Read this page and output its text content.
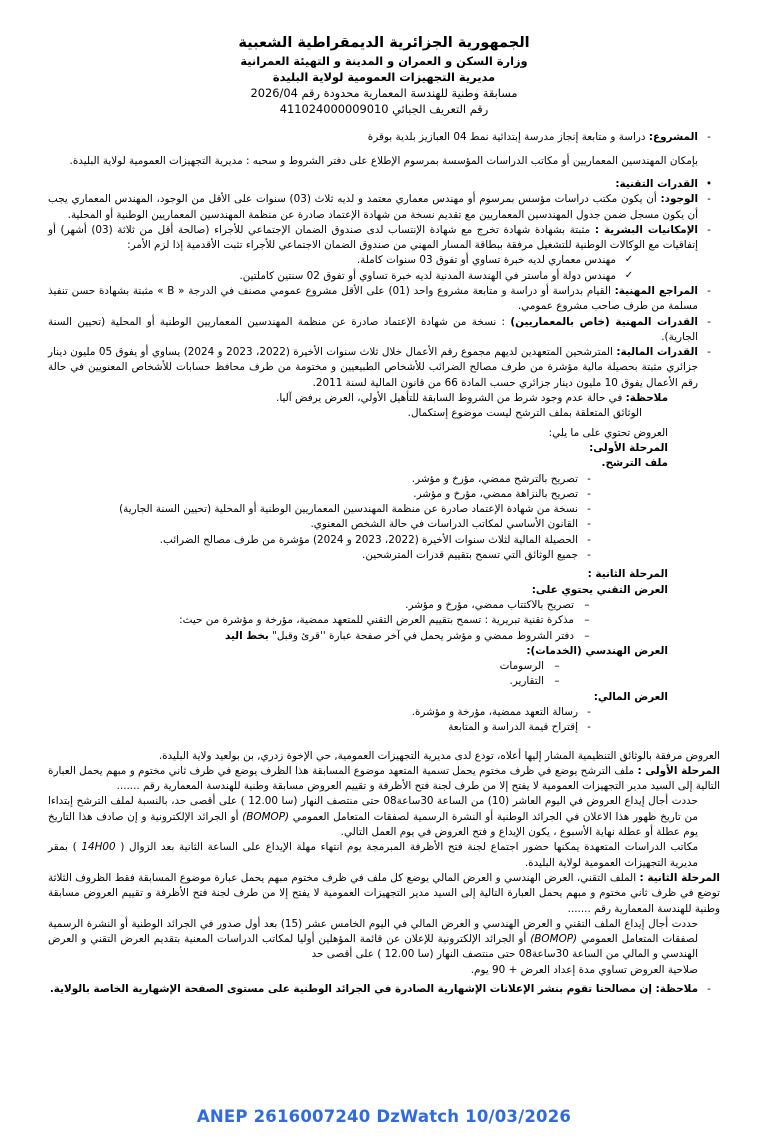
الجمهورية الجزائرية الديمقراطية الشعبية
وزارة السكن و العمران و المدينة و التهيئة العمرانية
مديرية التجهيزات العمومية لولاية البليدة
مسابقة وطنية للهندسة المعمارية محدودة رقم 2026/04
رقم التعريف الجبائي 411024000009010
-
المشروع: دراسة و متابعة إنجاز مدرسة إبتدائية نمط 04 العبازيز بلدية بوقرة

بإمكان المهندسين المعماريين أو مكاتب الدراسات المؤسسة بمرسوم الإطلاع على دفتر الشروط و سحبه : مديرية التجهيزات العمومية لولاية البليدة.

•
القدرات التقنية:
-
الوجود: أن يكون مكتب دراسات مؤسس بمرسوم أو مهندس معماري معتمد و لديه ثلاث (03) سنوات على الأقل من الوجود، المهندس المعماري يجب أن يكون مسجل ضمن جدول المهندسين المعماريين مع تقديم نسخة من شهادة الإعتماد صادرة عن منظمة المهندسين المعماريين الوطنية أو المحلية.
-
الإمكانيات البشرية : مثبتة بشهادة شهادة تخرج مع شهادة الإنتساب لدى صندوق الضمان الإجتماعي للأجراء (صالحة أقل من ثلاثة (03) أشهر) أو إتفاقيات مع الوكالات الوطنية للتشغيل مرفقة ببطاقة المسار المهني من صندوق الضمان الاجتماعي للأجراء تثبت الأقدمية إذا لزم الأمر:
✓
مهندس معماري لديه خبرة تساوي أو تفوق 03 سنوات كاملة.
✓
مهندس دولة أو ماستر في الهندسة المدنية لديه خبرة تساوي أو تفوق 02 سنتين كاملتين.
-
المراجع المهنية: القيام بدراسة أو دراسة و متابعة مشروع واحد (01) على الأقل مشروع عمومي مصنف في الدرجة « B » مثبتة بشهادة حسن تنفيذ مسلمة من طرف صاحب مشروع عمومي.
-
القدرات المهنية (خاص بالمعماريين) : نسخة من شهادة الإعتماد صادرة عن منظمة المهندسين المعماريين الوطنية أو المحلية (تحيين السنة الجارية).
-
القدرات المالية: المترشحين المتعهدين لديهم مجموع رقم الأعمال خلال ثلاث سنوات الأخيرة (2022، 2023 و 2024) يساوي أو يفوق 05 مليون دينار جزائري مثبتة بحصيلة مالية مؤشرة من طرف مصالح الضرائب للأشخاص الطبيعيين و مختومة من طرف محافظ حسابات للأشخاص المعنويين في حالة رقم الأعمال يفوق 10 مليون دينار جزائري حسب المادة 66 من قانون المالية لسنة 2011.

ملاحظة: في حالة عدم وجود شرط من الشروط السابقة للتأهيل الأولي، العرض يرفض آليا.

الوثائق المتعلقة بملف الترشح ليست موضوع إستكمال.

العروض تحتوي على ما يلي:

المرحلة الأولى:

ملف الترشح.

-
تصريح بالترشح ممضي، مؤرخ و مؤشر.
-
تصريح بالنزاهة ممضي، مؤرخ و مؤشر.
-
نسخة من شهادة الإعتماد صادرة عن منظمة المهندسين المعماريين الوطنية أو المحلية (تحيين السنة الجارية)
-
القانون الأساسي لمكاتب الدراسات في حالة الشخص المعنوي.
-
الحصيلة المالية لثلاث سنوات الأخيرة (2022، 2023 و 2024) مؤشرة من طرف مصالح الضرائب.
-
جميع الوثائق التي تسمح بتقييم قدرات المترشحين.

المرحلة الثانية :

العرض التقني يحتوي على:

–
تصريح بالاكتتاب ممضي، مؤرخ و مؤشر.
–
مذكرة تقنية تبريرية : تسمح بتقييم العرض التقني للمتعهد ممضية، مؤرخة و مؤشرة من حيث:
–
دفتر الشروط ممضي و مؤشر يحمل في آخر صفحة عبارة ''قرئ وقبل" بخط اليد

العرض الهندسي (الخدمات):

–
الرسومات
–
التقارير.

العرض المالي:

-
رسالة التعهد ممضية، مؤرخة و مؤشرة.
-
إقتراح قيمة الدراسة و المتابعة

العروض مرفقة بالوثائق التنظيمية المشار إليها أعلاه، تودع لدى مديرية التجهيزات العمومية, حي الإخوة زدري, بن بولعيد ولاية البليدة.

المرحلة الأولى : ملف الترشح يوضع في ظرف مختوم يحمل تسمية المتعهد موضوع المسابقة هذا الظرف يوضع في ظرف ثاني مختوم و مبهم يحمل العبارة التالية إلى السيد مدير التجهيزات العمومية لا يفتح إلا من طرف لجنة فتح الأظرفة و تقييم العروض مسابقة وطنية للهندسة المعمارية رقم .......

حددت أجال إيداع العروض في اليوم العاشر (10) من الساعة 30ساعة08 حتى منتصف النهار (سا 12.00 ) على أقصى حد، بالنسبة لملف الترشح إبتداءا من تاريخ ظهور هذا الاعلان في الجرائد الوطنية أو النشرة الرسمية لصفقات المتعامل العمومي (BOMOP) أو الجرائد الإلكترونية و إن صادف هذا التاريخ يوم عطلة أو عطلة نهاية الأسبوع ، يكون الإيداع و فتح العروض في يوم العمل التالي.

مكاتب الدراسات المتعهدة يمكنها حضور اجتماع لجنة فتح الأظرفة المبرمجة يوم انتهاء مهلة الإيداع على الساعة الثانية بعد الزوال ( 14H00 ) بمقر مديرية التجهيزات العمومية لولاية البليدة.

المرحلة الثانية : الملف التقني، العرض الهندسي و العرض المالي يوضع كل ملف في ظرف مختوم مبهم يحمل عبارة موضوع المسابقة فقط الظروف الثلاثة توضع في ظرف ثاني مختوم و مبهم يحمل العبارة التالية إلى السيد مدير التجهيزات العمومية لا يفتح إلا من طرف لجنة فتح الأظرفة و تقييم العروض مسابقة وطنية للهندسة المعمارية رقم .......

حددت أجال إيداع الملف التقني و العرض الهندسي و العرض المالي في اليوم الخامس عشر (15) بعد أول صدور في الجرائد الوطنية أو النشرة الرسمية لصفقات المتعامل العمومي (BOMOP) أو الجرائد الإلكترونية للإعلان عن قائمة المؤهلين أوليا لمكاتب الدراسات المعنية بتقديم العرض التقني و العرض الهندسي و المالي من الساعة 30ساعة08 حتى منتصف النهار (سا 12.00 ) على أقصى حد

صلاحية العروض تساوي مدة إعداد العرض + 90 يوم.

-
ملاحظة: إن مصالحنا تقوم بنشر الإعلانات الإشهارية الصادرة في الجرائد الوطنية على مستوى الصفحة الإشهارية الخاصة بالولاية.
ANEP 2616007240 DzWatch 10/03/2026
